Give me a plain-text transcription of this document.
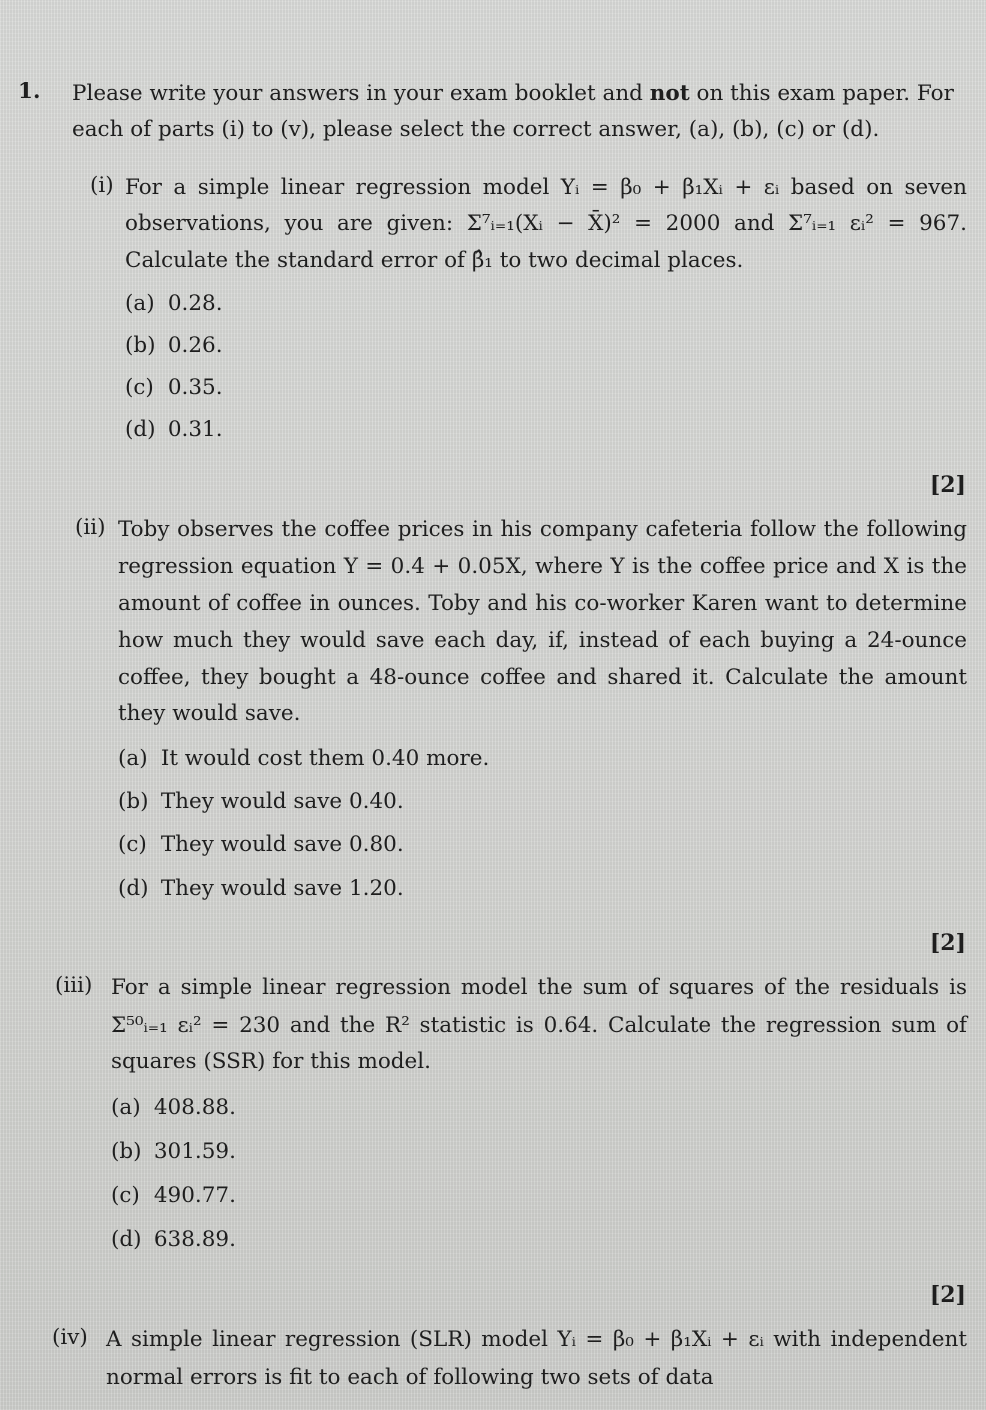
1. Please write your answers in your exam booklet and not on this exam paper. For
each of parts (i) to (v), please select the correct answer, (a), (b), (c) or (d).
(i) For a simple linear regression model Yᵢ = β₀ + β₁Xᵢ + εᵢ based on seven
observations, you are given: Σ⁷ᵢ₌₁(Xᵢ − X̄)² = 2000 and Σ⁷ᵢ₌₁ εᵢ² = 967.
Calculate the standard error of β̂₁ to two decimal places.
(a) 0.28.
(b) 0.26.
(c) 0.35.
(d) 0.31.
[2]
(ii) Toby observes the coffee prices in his company cafeteria follow the following
regression equation Y = 0.4 + 0.05X, where Y is the coffee price and X is the
amount of coffee in ounces. Toby and his co-worker Karen want to determine
how much they would save each day, if, instead of each buying a 24-ounce
coffee, they bought a 48-ounce coffee and shared it. Calculate the amount
they would save.
(a) It would cost them 0.40 more.
(b) They would save 0.40.
(c) They would save 0.80.
(d) They would save 1.20.
[2]
(iii) For a simple linear regression model the sum of squares of the residuals is
Σ⁵⁰ᵢ₌₁ εᵢ² = 230 and the R² statistic is 0.64. Calculate the regression sum of
squares (SSR) for this model.
(a) 408.88.
(b) 301.59.
(c) 490.77.
(d) 638.89.
[2]
(iv) A simple linear regression (SLR) model Yᵢ = β₀ + β₁Xᵢ + εᵢ with independent
normal errors is fit to each of following two sets of data
